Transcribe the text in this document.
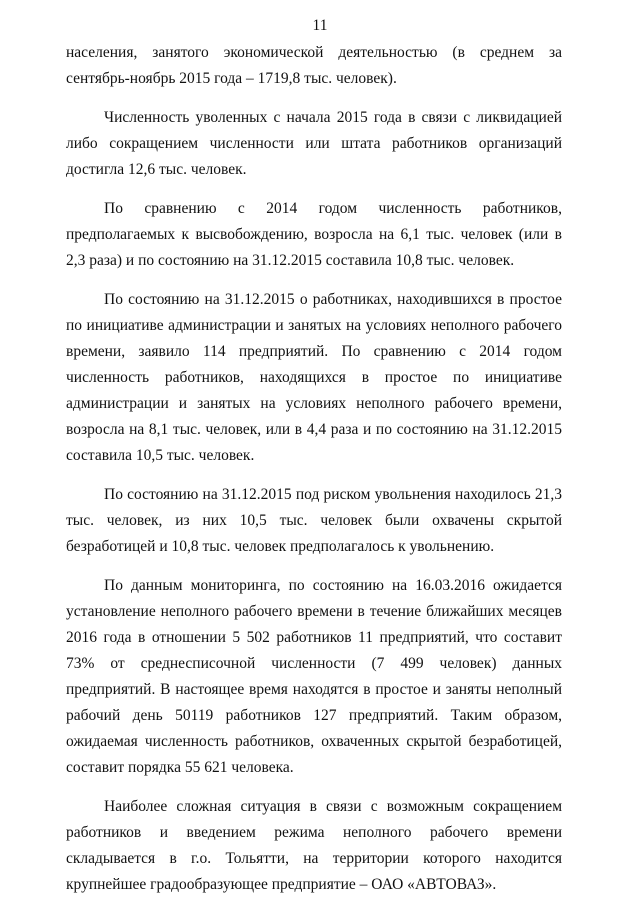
11

населения, занятого экономической деятельностью (в среднем за сентябрь-ноябрь 2015 года – 1719,8 тыс. человек).

Численность уволенных с начала 2015 года в связи с ликвидацией либо сокращением численности или штата работников организаций достигла 12,6 тыс. человек.

По сравнению с 2014 годом численность работников, предполагаемых к высвобождению, возросла на 6,1 тыс. человек (или в 2,3 раза) и по состоянию на 31.12.2015 составила 10,8 тыс. человек.

По состоянию на 31.12.2015 о работниках, находившихся в простое по инициативе администрации и занятых на условиях неполного рабочего времени, заявило 114 предприятий. По сравнению с 2014 годом численность работников, находящихся в простое по инициативе администрации и занятых на условиях неполного рабочего времени, возросла на 8,1 тыс. человек, или в 4,4 раза и по состоянию на 31.12.2015 составила 10,5 тыс. человек.

По состоянию на 31.12.2015 под риском увольнения находилось 21,3 тыс. человек, из них 10,5 тыс. человек были охвачены скрытой безработицей и 10,8 тыс. человек предполагалось к увольнению.

По данным мониторинга, по состоянию на 16.03.2016 ожидается установление неполного рабочего времени в течение ближайших месяцев 2016 года в отношении 5 502 работников 11 предприятий, что составит 73% от среднесписочной численности (7 499 человек) данных предприятий. В настоящее время находятся в простое и заняты неполный рабочий день 50119 работников 127 предприятий. Таким образом, ожидаемая численность работников, охваченных скрытой безработицей, составит порядка 55 621 человека.

Наиболее сложная ситуация в связи с возможным сокращением работников и введением режима неполного рабочего времени складывается в г.о. Тольятти, на территории которого находится крупнейшее градообразующее предприятие – ОАО «АВТОВАЗ».
